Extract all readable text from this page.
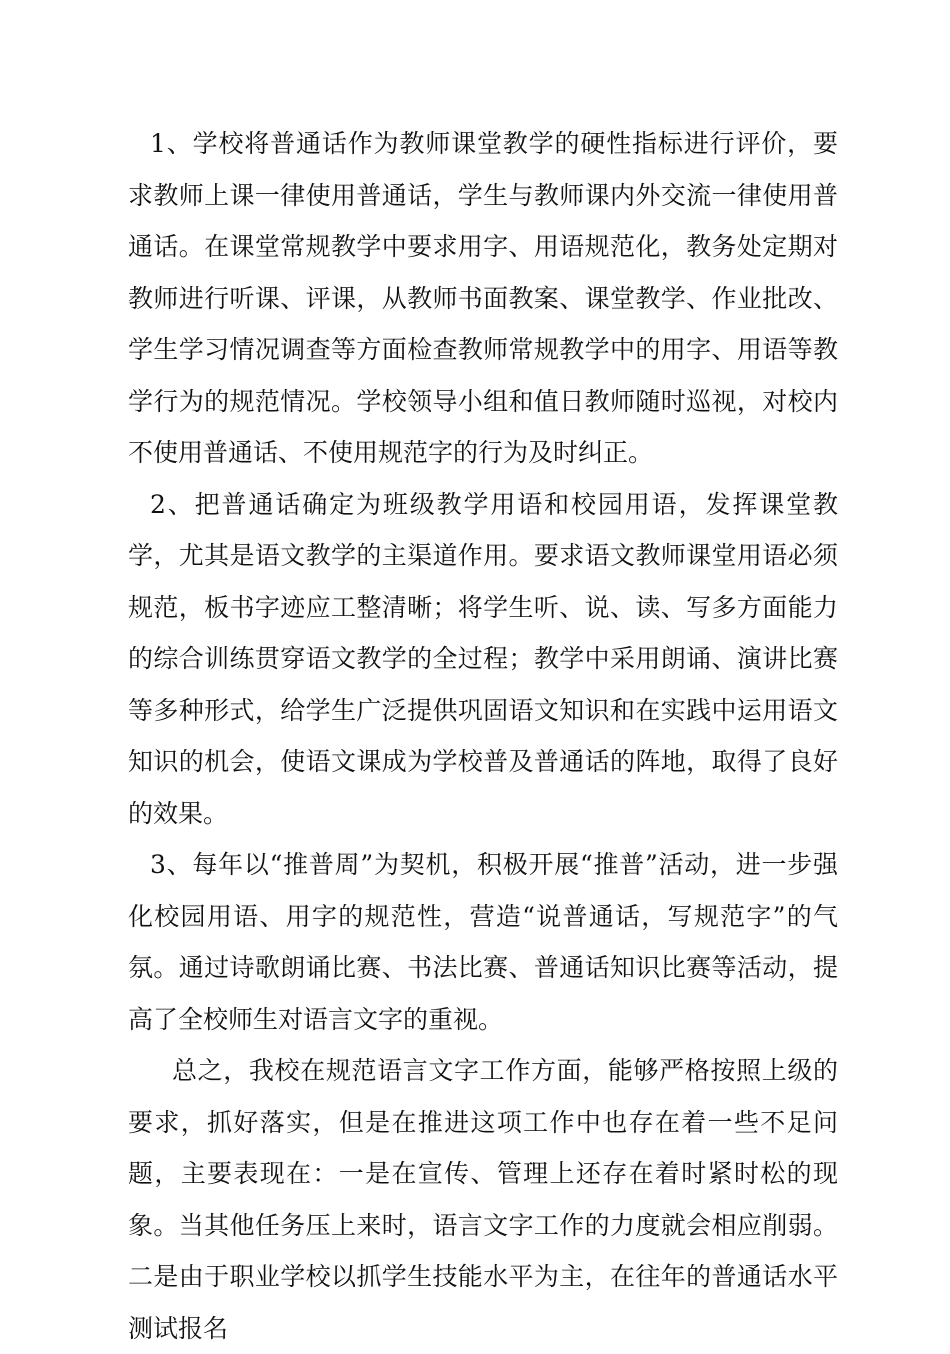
1、学校将普通话作为教师课堂教学的硬性指标进行评价，要求教师上课一律使用普通话，学生与教师课内外交流一律使用普通话。在课堂常规教学中要求用字、用语规范化，教务处定期对教师进行听课、评课，从教师书面教案、课堂教学、作业批改、学生学习情况调查等方面检查教师常规教学中的用字、用语等教学行为的规范情况。学校领导小组和值日教师随时巡视，对校内不使用普通话、不使用规范字的行为及时纠正。

2、把普通话确定为班级教学用语和校园用语，发挥课堂教学，尤其是语文教学的主渠道作用。要求语文教师课堂用语必须规范，板书字迹应工整清晰；将学生听、说、读、写多方面能力的综合训练贯穿语文教学的全过程；教学中采用朗诵、演讲比赛等多种形式，给学生广泛提供巩固语文知识和在实践中运用语文知识的机会，使语文课成为学校普及普通话的阵地，取得了良好的效果。

3、每年以“推普周”为契机，积极开展“推普”活动，进一步强化校园用语、用字的规范性，营造“说普通话，写规范字”的气氛。通过诗歌朗诵比赛、书法比赛、普通话知识比赛等活动，提高了全校师生对语言文字的重视。

总之，我校在规范语言文字工作方面，能够严格按照上级的要求，抓好落实，但是在推进这项工作中也存在着一些不足问题，主要表现在：一是在宣传、管理上还存在着时紧时松的现象。当其他任务压上来时，语言文字工作的力度就会相应削弱。二是由于职业学校以抓学生技能水平为主，在往年的普通话水平测试报名
